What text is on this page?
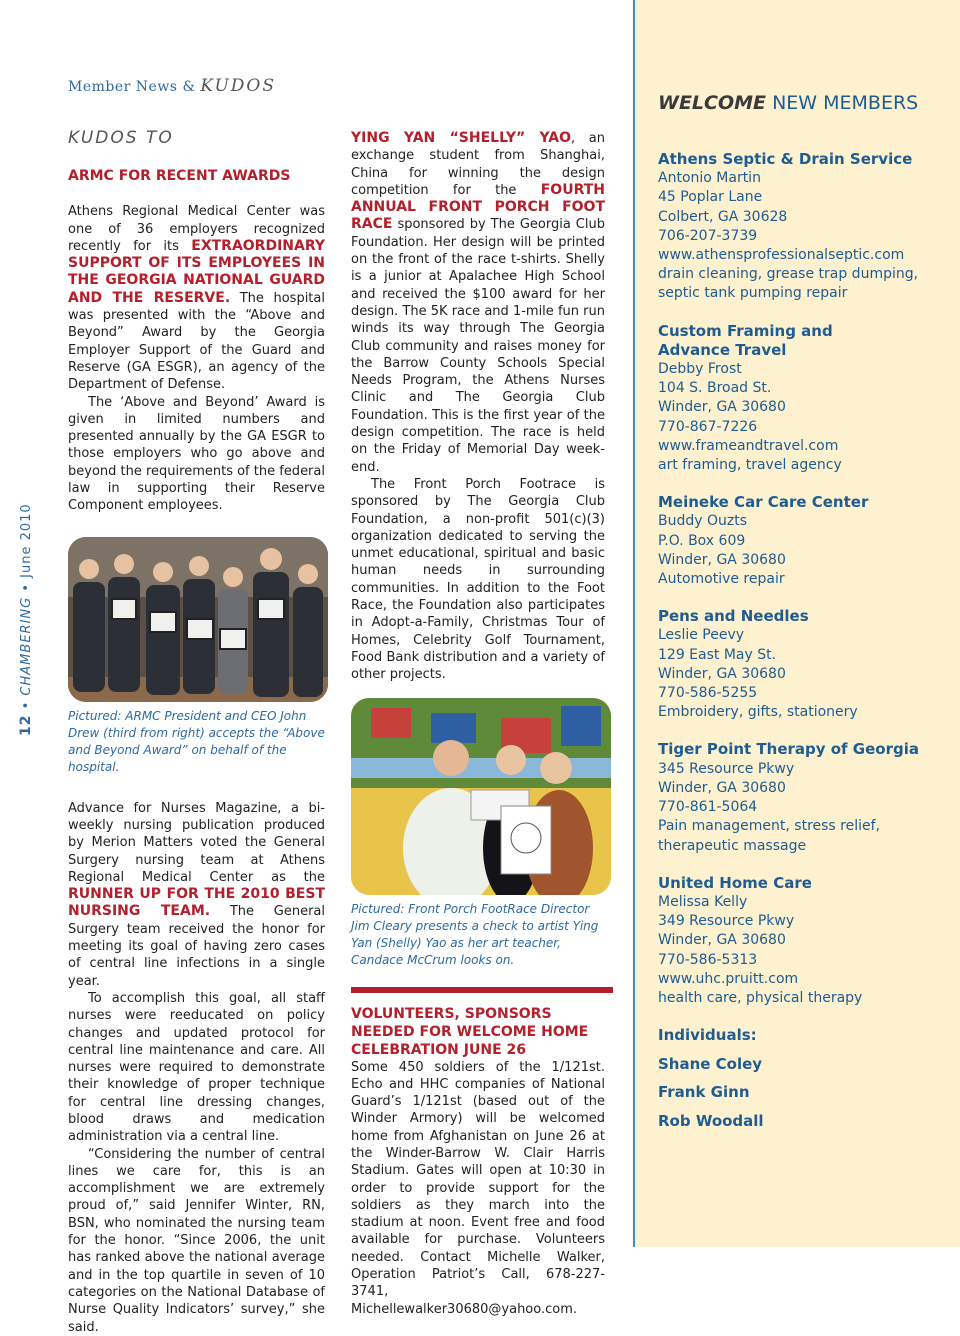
Member News & KUDOS
12 • CHAMBERING • June 2010
KUDOS TO
ARMC FOR RECENT AWARDS

Athens Regional Medical Center was one of 36 employers recognized recently for its EXTRAORDINARY SUPPORT OF ITS EMPLOYEES IN THE GEORGIA NATIONAL GUARD AND THE RESERVE. The hospital was presented with the “Above and Beyond” Award by the Georgia Employer Support of the Guard and Reserve (GA ESGR), an agency of the Department of Defense.

The ‘Above and Beyond’ Award is given in limited numbers and presented annually by the GA ESGR to those employers who go above and beyond the requirements of the federal law in supporting their Reserve Component employees.

Pictured: ARMC President and CEO John Drew (third from right) accepts the “Above and Beyond Award” on behalf of the hospital.

Advance for Nurses Magazine, a bi-weekly nursing publication produced by Merion Matters voted the General Surgery nursing team at Athens Regional Medical Center as the RUNNER UP FOR THE 2010 BEST NURSING TEAM. The General Surgery team received the honor for meeting its goal of having zero cases of central line infections in a single year.

To accomplish this goal, all staff nurses were reeducated on policy changes and updated protocol for central line maintenance and care. All nurses were required to demonstrate their knowledge of proper technique for central line dressing changes, blood draws and medication administration via a central line.

“Considering the number of central lines we care for, this is an accomplishment we are extremely proud of,” said Jennifer Winter, RN, BSN, who nominated the nursing team for the honor. “Since 2006, the unit has ranked above the national average and in the top quartile in seven of 10 categories on the National Database of Nurse Quality Indicators’ survey,” she said.

YING YAN “SHELLY” YAO, an exchange student from Shanghai, China for winning the design competition for the FOURTH ANNUAL FRONT PORCH FOOT RACE sponsored by The Georgia Club Foundation. Her design will be printed on the front of the race t-shirts. Shelly is a junior at Apalachee High School and received the $100 award for her design. The 5K race and 1-mile fun run winds its way through The Georgia Club community and raises money for the Barrow County Schools Special Needs Program, the Athens Nurses Clinic and The Georgia Club Foundation. This is the first year of the design competition. The race is held on the Friday of Memorial Day week-end.

The Front Porch Footrace is sponsored by The Georgia Club Foundation, a non-profit 501(c)(3) organization dedicated to serving the unmet educational, spiritual and basic human needs in surrounding communities. In addition to the Foot Race, the Foundation also participates in Adopt-a-Family, Christmas Tour of Homes, Celebrity Golf Tournament, Food Bank distribution and a variety of other projects.

Pictured: Front Porch FootRace Director Jim Cleary presents a check to artist Ying Yan (Shelly) Yao as her art teacher, Candace McCrum looks on.
VOLUNTEERS, SPONSORS NEEDED FOR WELCOME HOME CELEBRATION JUNE 26

Some 450 soldiers of the 1/121st. Echo and HHC companies of National Guard’s 1/121st (based out of the Winder Armory) will be welcomed home from Afghanistan on June 26 at the Winder-Barrow W. Clair Harris Stadium. Gates will open at 10:30 in order to provide support for the soldiers as they march into the stadium at noon. Event free and food available for purchase. Volunteers needed. Contact Michelle Walker, Operation Patriot’s Call, 678-227-3741, Michellewalker30680@yahoo.com.

WELCOME NEW MEMBERS
Athens Septic & Drain Service
Antonio Martin
45 Poplar Lane
Colbert, GA 30628
706-207-3739
www.athensprofessionalseptic.com
drain cleaning, grease trap dumping,
septic tank pumping repair
Custom Framing and Advance Travel
Debby Frost
104 S. Broad St.
Winder, GA 30680
770-867-7226
www.frameandtravel.com
art framing, travel agency
Meineke Car Care Center
Buddy Ouzts
P.O. Box 609
Winder, GA 30680
Automotive repair
Pens and Needles
Leslie Peevy
129 East May St.
Winder, GA 30680
770-586-5255
Embroidery, gifts, stationery
Tiger Point Therapy of Georgia
345 Resource Pkwy
Winder, GA 30680
770-861-5064
Pain management, stress relief,
therapeutic massage
United Home Care
Melissa Kelly
349 Resource Pkwy
Winder, GA 30680
770-586-5313
www.uhc.pruitt.com
health care, physical therapy
Individuals:
Shane Coley
Frank Ginn
Rob Woodall
